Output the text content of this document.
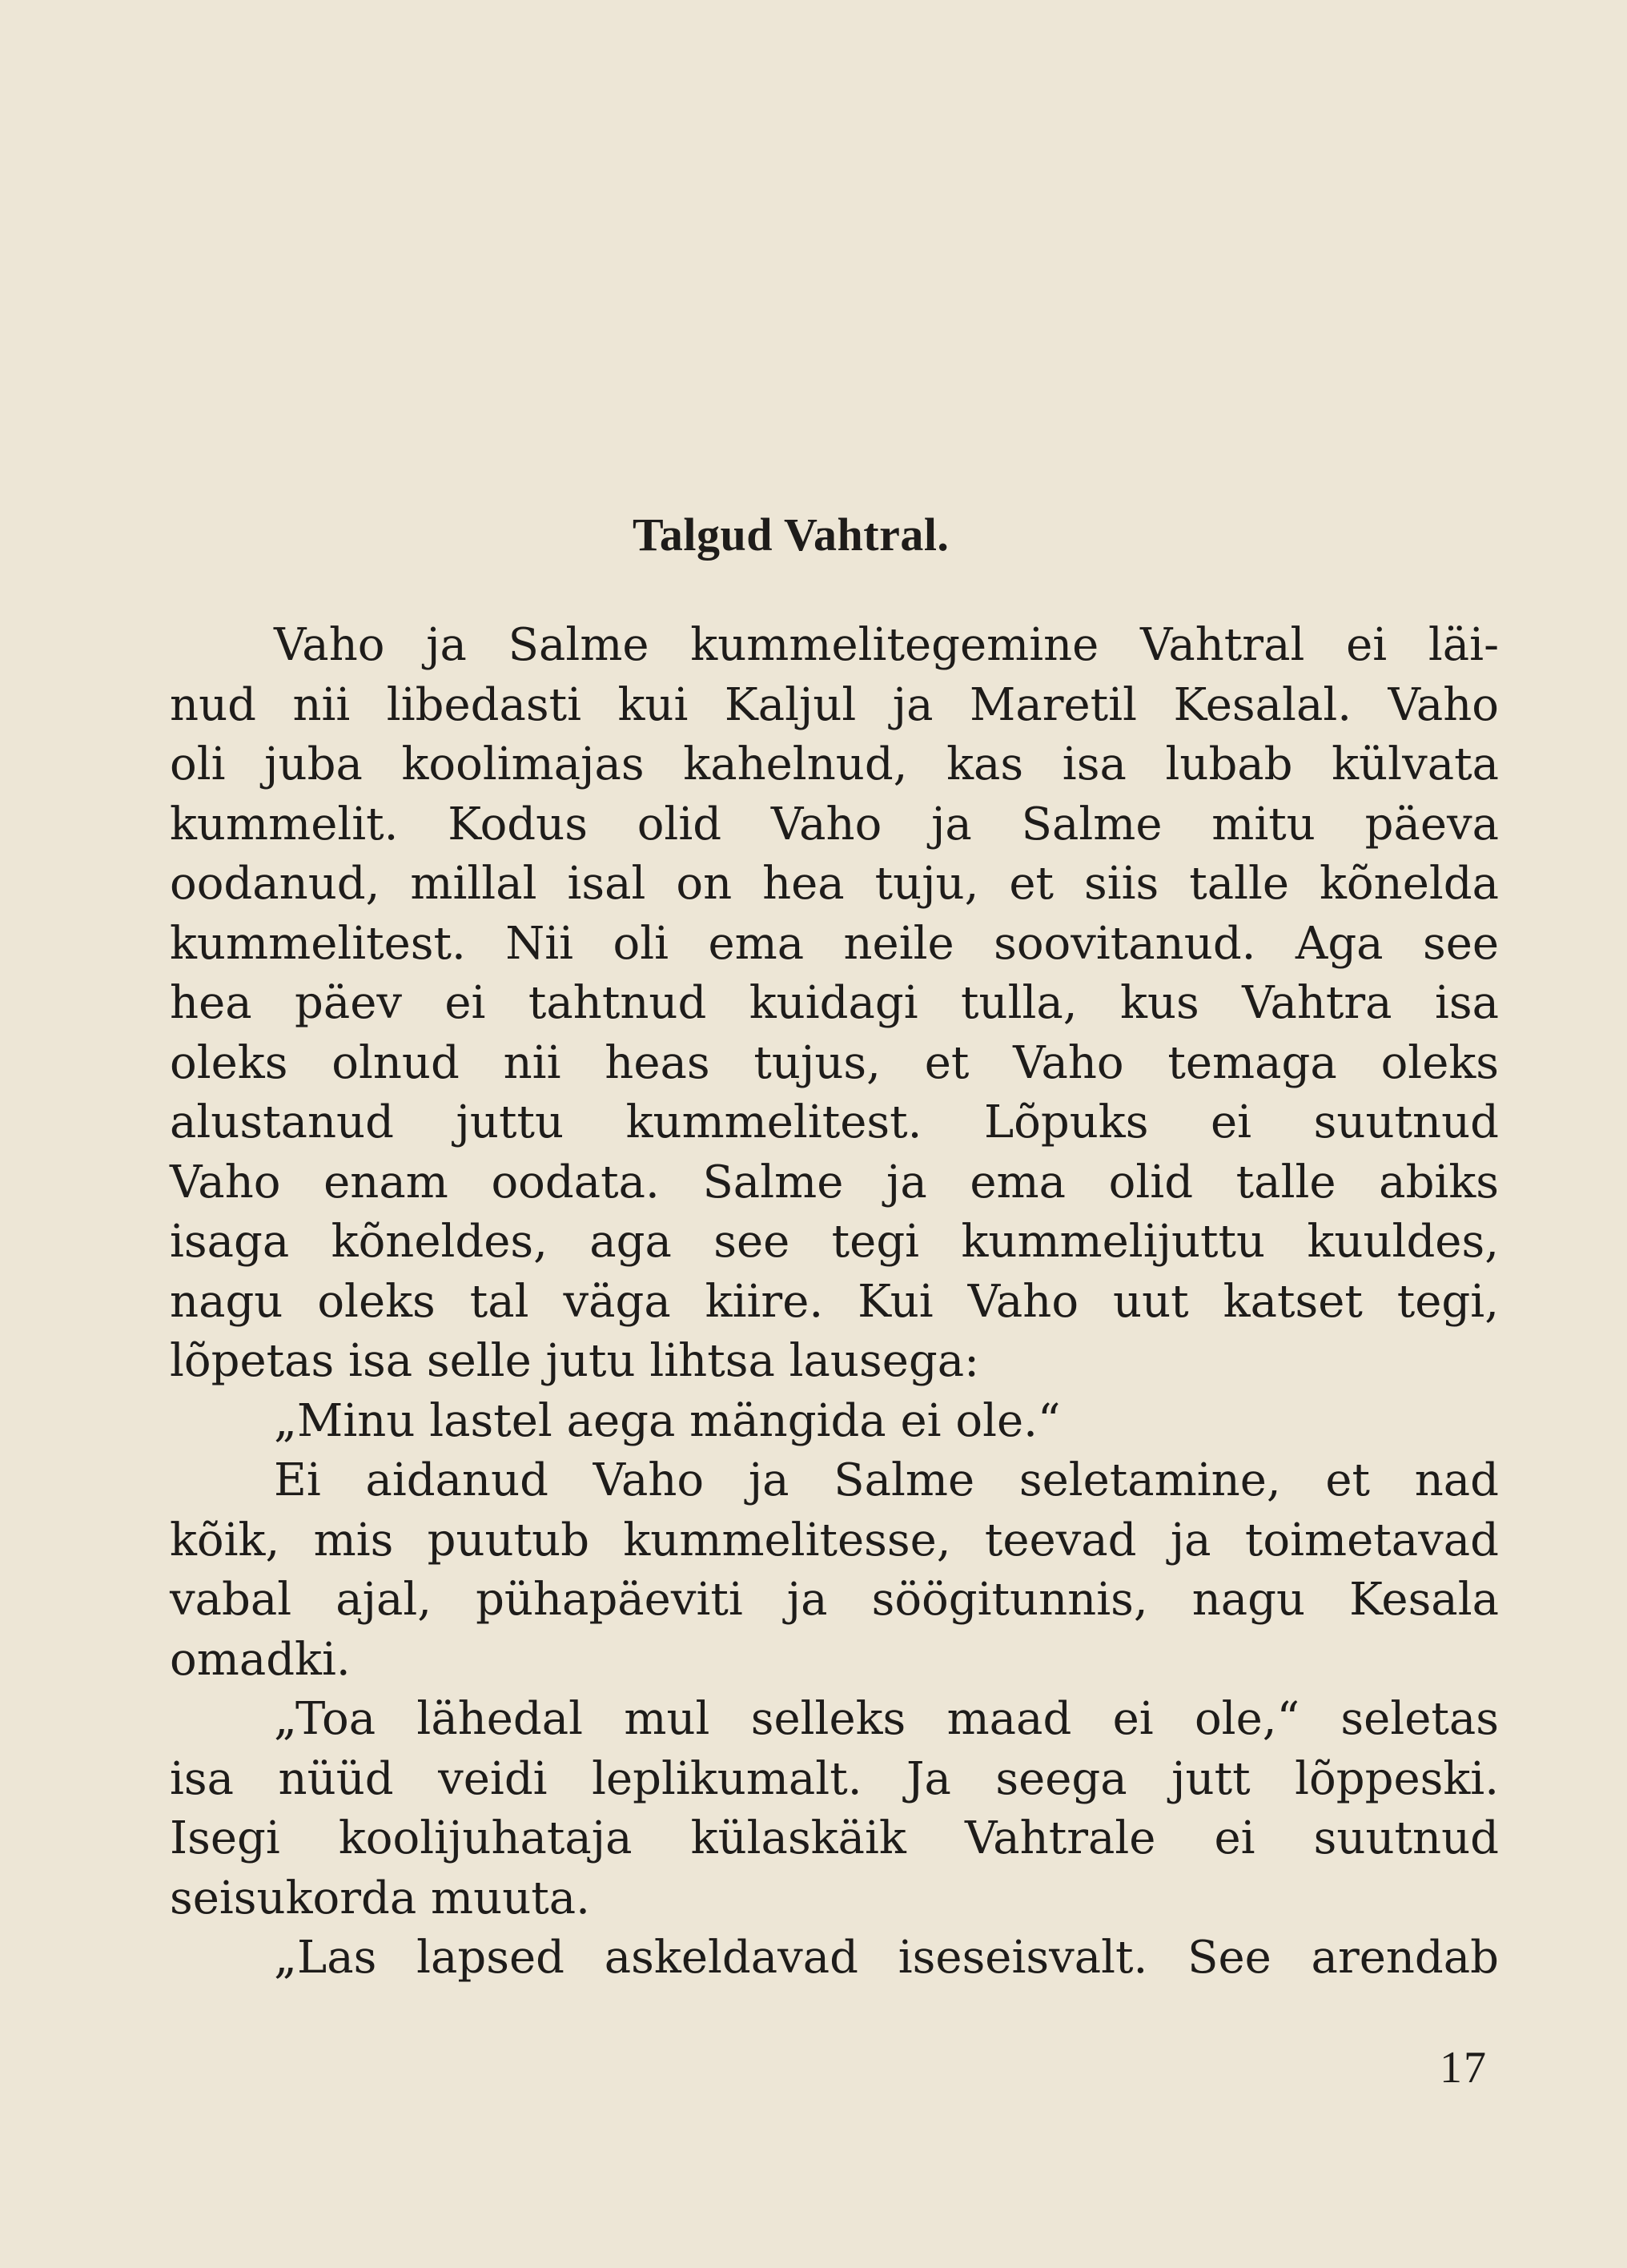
Talgud Vahtral.
Vaho ja Salme kummelitegemine Vahtral ei läi-
nud nii libedasti kui Kaljul ja Maretil Kesalal. Vaho
oli juba koolimajas kahelnud, kas isa lubab külvata
kummelit. Kodus olid Vaho ja Salme mitu päeva
oodanud, millal isal on hea tuju, et siis talle kõnelda
kummelitest. Nii oli ema neile soovitanud. Aga see
hea päev ei tahtnud kuidagi tulla, kus Vahtra isa
oleks olnud nii heas tujus, et Vaho temaga oleks
alustanud juttu kummelitest. Lõpuks ei suutnud
Vaho enam oodata. Salme ja ema olid talle abiks
isaga kõneldes, aga see tegi kummelijuttu kuuldes,
nagu oleks tal väga kiire. Kui Vaho uut katset tegi,
lõpetas isa selle jutu lihtsa lausega:
„Minu lastel aega mängida ei ole.“
Ei aidanud Vaho ja Salme seletamine, et nad
kõik, mis puutub kummelitesse, teevad ja toimetavad
vabal ajal, pühapäeviti ja söögitunnis, nagu Kesala
omadki.
„Toa lähedal mul selleks maad ei ole,“ seletas
isa nüüd veidi leplikumalt. Ja seega jutt lõppeski.
Isegi koolijuhataja külaskäik Vahtrale ei suutnud
seisukorda muuta.
„Las lapsed askeldavad iseseisvalt. See arendab
17
